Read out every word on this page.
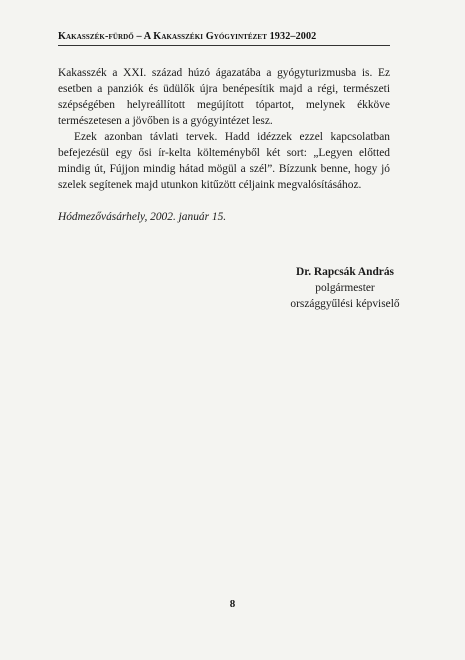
Kakasszék-fürdő – A Kakasszéki Gyógyintézet 1932–2002

Kakasszék a XXI. század húzó ágazatába a gyógyturizmusba is. Ez esetben a panziók és üdülők újra benépesítik majd a régi, természeti szépségében helyreállított megújított tópartot, melynek ékköve természetesen a jövőben is a gyógyintézet lesz.

Ezek azonban távlati tervek. Hadd idézzek ezzel kapcsolatban befejezésül egy ősi ír-kelta költeményből két sort: „Legyen előtted mindig út, Fújjon mindig hátad mögül a szél”. Bízzunk benne, hogy jó szelek segítenek majd utunkon kitűzött céljaink megvalósításához.

Hódmezővásárhely, 2002. január 15.
Dr. Rapcsák András
polgármester
országgyűlési képviselő
8
